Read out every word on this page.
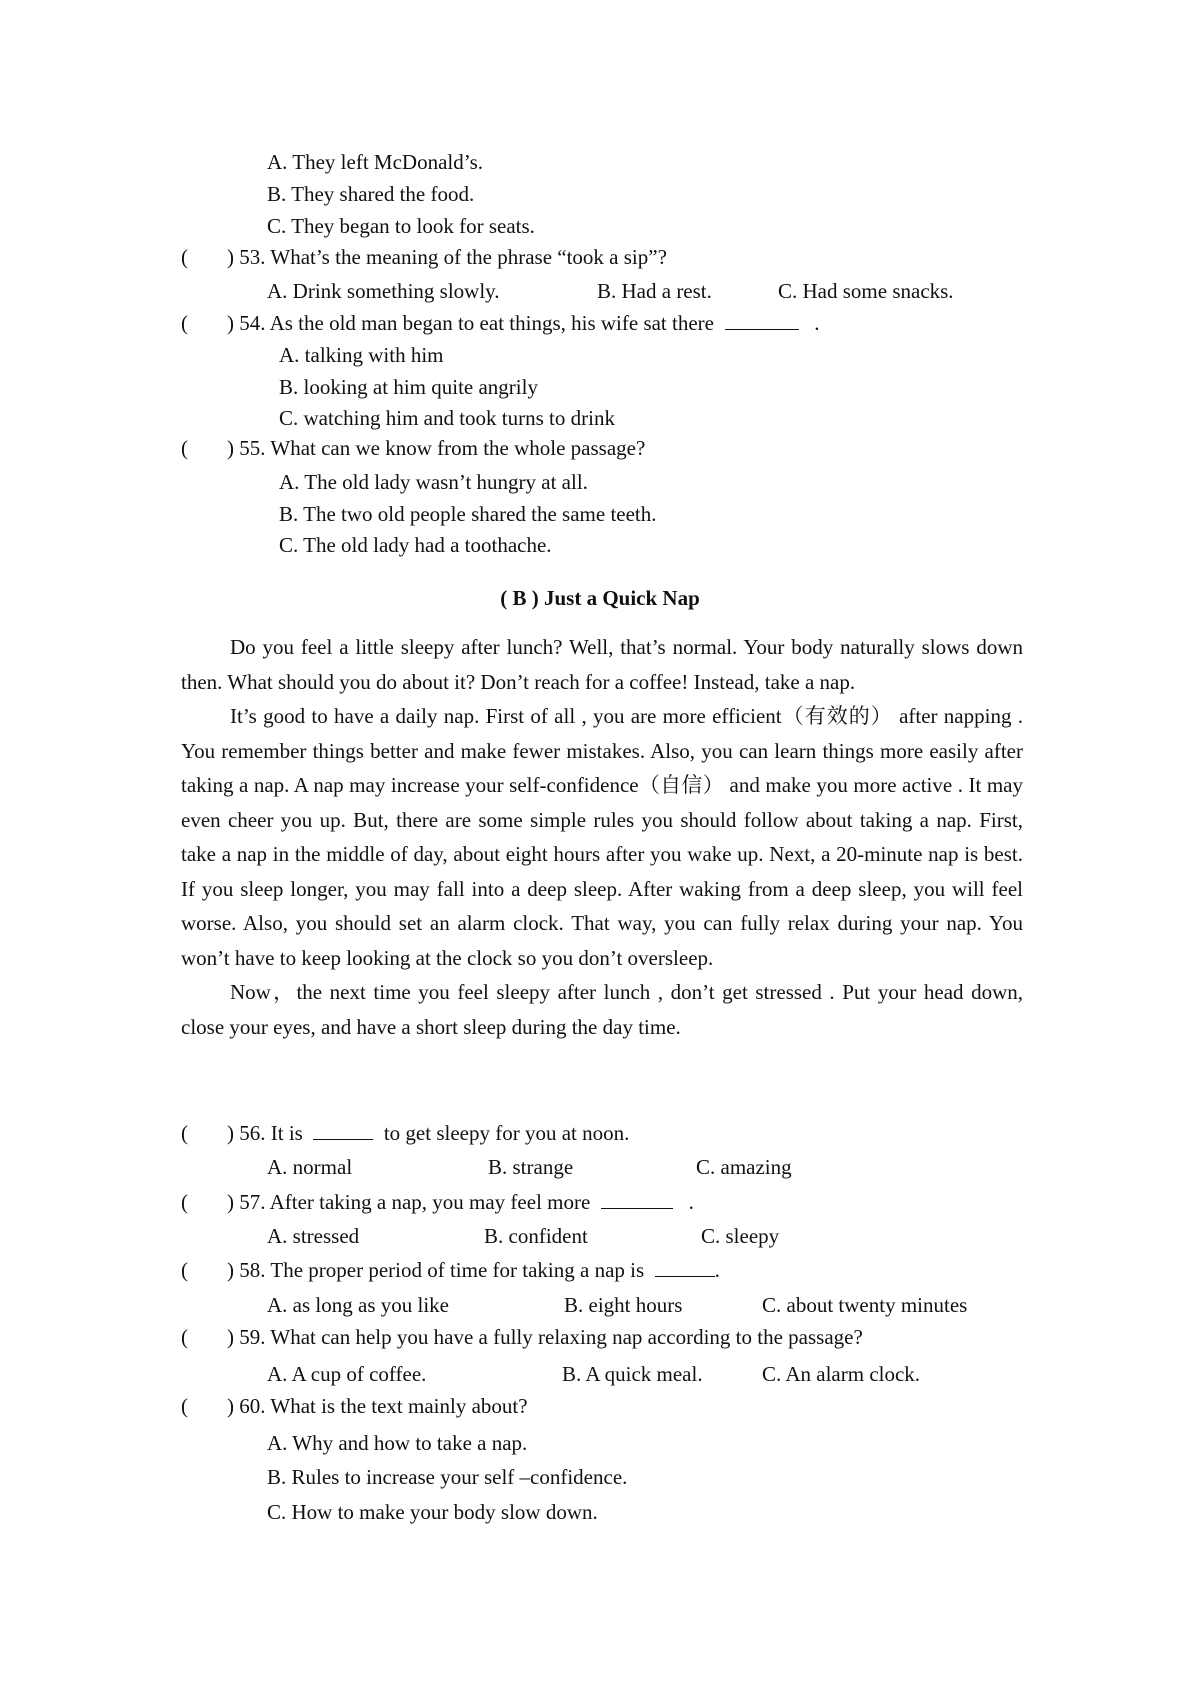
A. They left McDonald’s.
B. They shared the food.
C. They began to look for seats.
( ) 53. What’s the meaning of the phrase “took a sip”?
A. Drink something slowly.	B. Had a rest.	C. Had some snacks.
( ) 54. As the old man began to eat things, his wife sat there	.
A. talking with him
B. looking at him quite angrily
C. watching him and took turns to drink
( ) 55. What can we know from the whole passage?
A. The old lady wasn’t hungry at all.
B. The two old people shared the same teeth.
C. The old lady had a toothache.
( B ) Just a Quick Nap

Do you feel a little sleepy after lunch? Well, that’s normal. Your body naturally slows down then. What should you do about it? Don’t reach for a coffee! Instead, take a nap.

It’s good to have a daily nap. First of all , you are more efficient（有效的） after napping . You remember things better and make fewer mistakes. Also, you can learn things more easily after taking a nap. A nap may increase your self-confidence（自信） and make you more active . It may even cheer you up. But, there are some simple rules you should follow about taking a nap. First, take a nap in the middle of day, about eight hours after you wake up. Next, a 20-minute nap is best. If you sleep longer, you may fall into a deep sleep. After waking from a deep sleep, you will feel worse. Also, you should set an alarm clock. That way, you can fully relax during your nap. You won’t have to keep looking at the clock so you don’t oversleep.

Now，the next time you feel sleepy after lunch , don’t get stressed . Put your head down, close your eyes, and have a short sleep during the day time.

( ) 56. It is	to get sleepy for you at noon.
A. normal	B. strange	C. amazing
( ) 57. After taking a nap, you may feel more	.
A. stressed	B. confident	C. sleepy
( ) 58. The proper period of time for taking a nap is	.
A. as long as you like	B. eight hours	C. about twenty minutes
( ) 59. What can help you have a fully relaxing nap according to the passage?
A. A cup of coffee.	B. A quick meal.	C. An alarm clock.
( ) 60. What is the text mainly about?
A. Why and how to take a nap.
B. Rules to increase your self –confidence.
C. How to make your body slow down.
